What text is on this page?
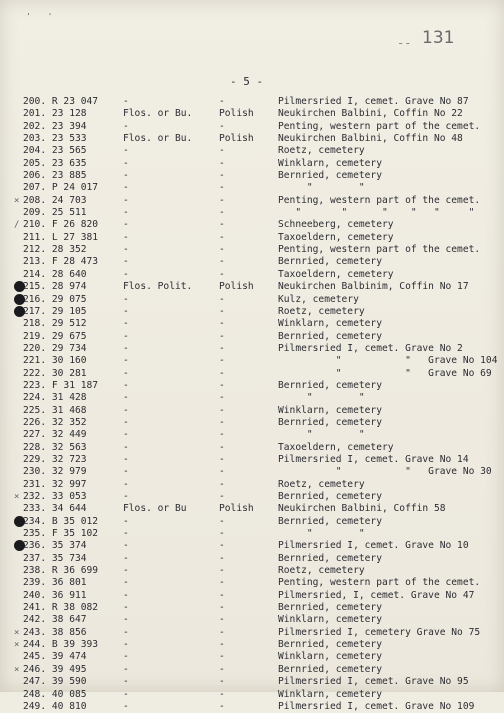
' '
-- 131
- 5 -
200. R 23 047	-	-	Pilmersried I, cemet. Grave No 87
201. 23 128	Flos. or Bu.	Polish	Neukirchen Balbini, Coffin No 22
202. 23 394	-	-	Penting, western part of the cemet.
203. 23 533	Flos. or Bu.	Polish	Neukirchen Balbini, Coffin No 48
204. 23 565	-	-	Roetz, cemetery
205. 23 635	-	-	Winklarn, cemetery
206. 23 885	-	-	Bernried, cemetery
207. P 24 017	-	-	"        "
× 208. 24 703	-	-	Penting, western part of the cemet.
209. 25 511	-	-	"       "      "    "   "     "
/ 210. F 26 820	-	-	Schneeberg, cemetery
211. L 27 381	-	-	Taxoeldern, cemetery
212. 28 352	-	-	Penting, western part of the cemet.
213. F 28 473	-	-	Bernried, cemetery
214. 28 640	-	-	Taxoeldern, cemetery
215. 28 974	Flos. Polit.	Polish	Neukirchen Balbinim, Coffin No 17
216. 29 075	-	-	Kulz, cemetery
217. 29 105	-	-	Roetz, cemetery
218. 29 512	-	-	Winklarn, cemetery
219. 29 675	-	-	Bernried, cemetery
220. 29 734	-	-	Pilmersried I, cemet. Grave No 2
221. 30 160	-	-	"           "   Grave No 104
222. 30 281	-	-	"           "   Grave No 69
223. F 31 187	-	-	Bernried, cemetery
224. 31 428	-	-	"        "
225. 31 468	-	-	Winklarn, cemetery
226. 32 352	-	-	Bernried, cemetery
227. 32 449	-	-	"        "
228. 32 563	-	-	Taxoeldern, cemetery
229. 32 723	-	-	Pilmersried I, cemet. Grave No 14
230. 32 979	-	-	"           "   Grave No 30
231. 32 997	-	-	Roetz, cemetery
× 232. 33 053	-	-	Bernried, cemetery
233. 34 644	Flos. or Bu	Polish	Neukirchen Balbini, Coffin 58
234. B 35 012	-	-	Bernried, cemetery
235. F 35 102	-	-	"        "
236. 35 374	-	-	Pilmersried I, cemet. Grave No 10
237. 35 734	-	-	Bernried, cemetery
238. R 36 699	-	-	Roetz, cemetery
239. 36 801	-	-	Penting, western part of the cemet.
240. 36 911	-	-	Pilmersried, I, cemet. Grave No 47
241. R 38 082	-	-	Bernried, cemetery
242. 38 647	-	-	Winklarn, cemetery
× 243. 38 856	-	-	Pilmersried I, cemetery Grave No 75
× 244. B 39 393	-	-	Bernried, cemetery
245. 39 474	-	-	Winklarn, cemetery
× 246. 39 495	-	-	Bernried, cemetery
247. 39 590	-	-	Pilmersried I, cemet. Grave No 95
248. 40 085	-	-	Winklarn, cemetery
249. 40 810	-	-	Pilmersried I, cemet. Grave No 109
